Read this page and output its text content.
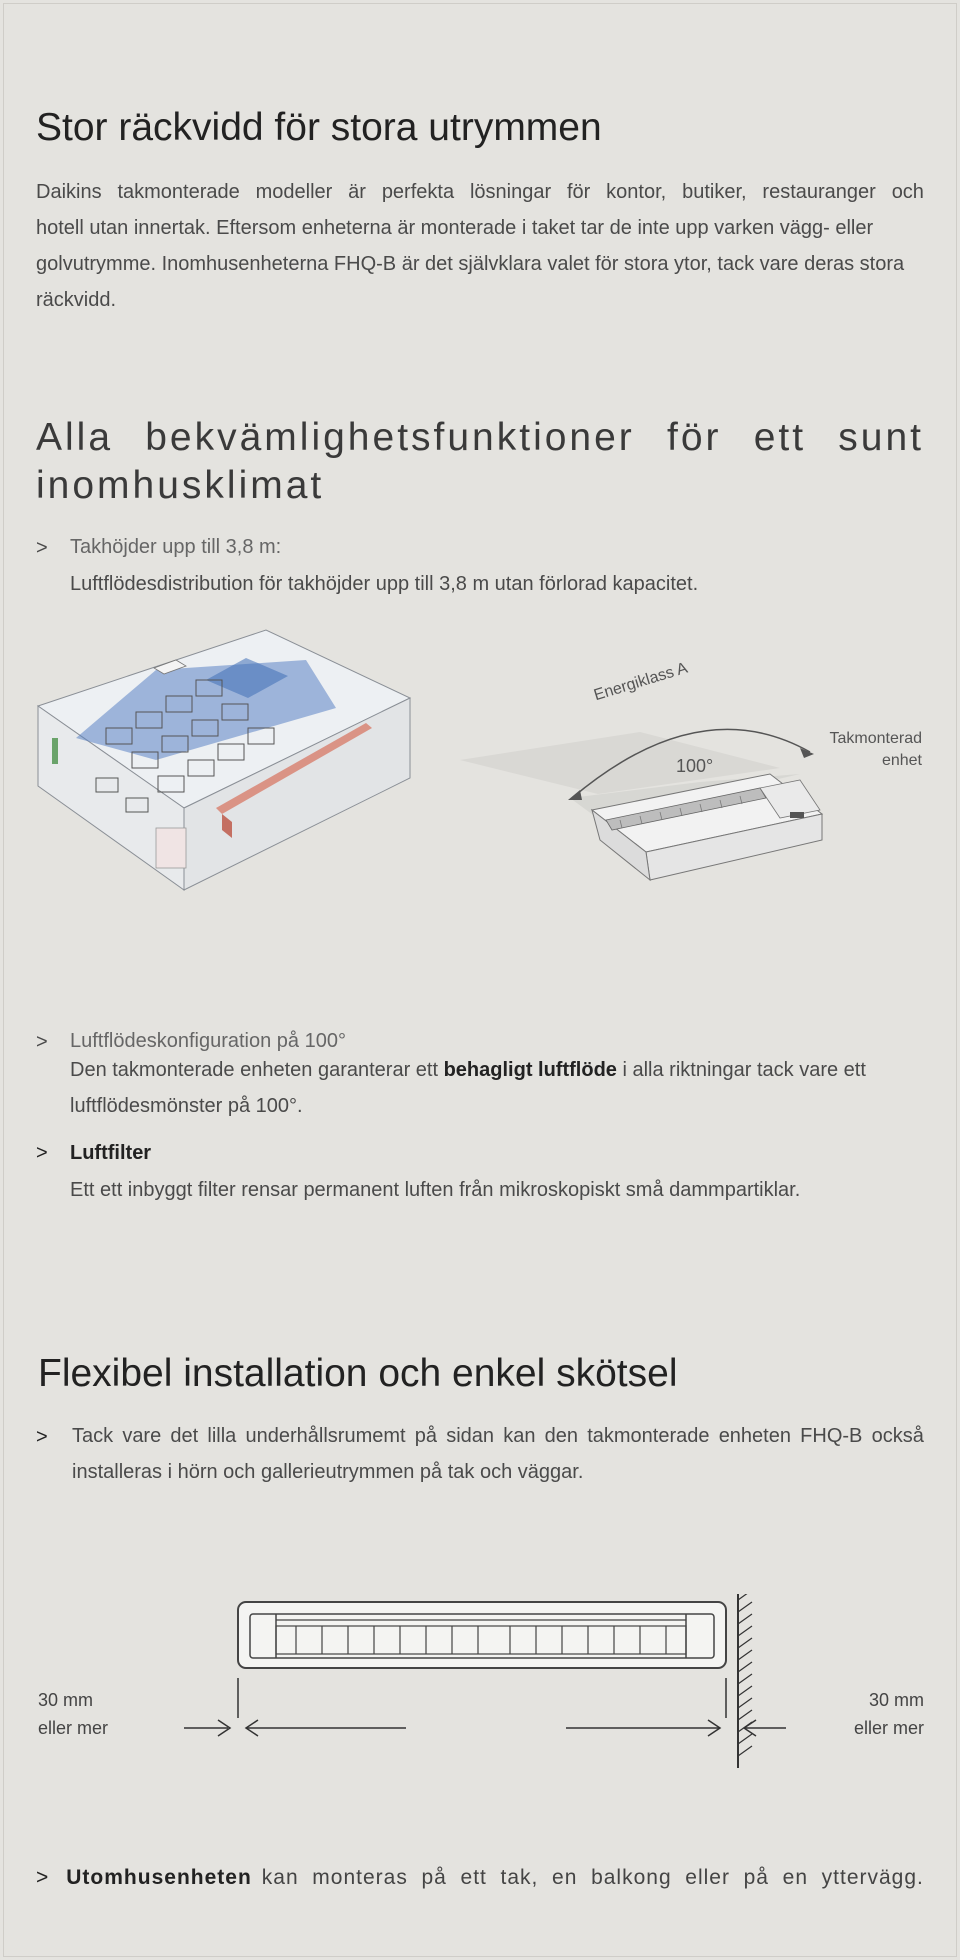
Stor räckvidd för stora utrymmen
Daikins takmonterade modeller är perfekta lösningar för kontor, butiker, restauranger och
hotell utan innertak. Eftersom enheterna är monterade i taket tar de inte upp varken vägg- eller
golvutrymme. Inomhusenheterna FHQ-B är det självklara valet för stora ytor, tack vare deras stora
räckvidd.
Alla bekvämlighetsfunktioner för ett sunt
inomhusklimat
> Takhöjder upp till 3,8 m:
Luftflödesdistribution för takhöjder upp till 3,8 m utan förlorad kapacitet.
Energiklass A
100°
Takmonterad
enhet
> Luftflödeskonfiguration på 100°
Den takmonterade enheten garanterar ett behagligt luftflöde i alla riktningar tack vare ett
luftflödesmönster på 100°.
> Luftfilter
Ett ett inbyggt filter rensar permanent luften från mikroskopiskt små dammpartiklar.
Flexibel installation och enkel skötsel
> Tack vare det lilla underhållsrumemt på sidan kan den takmonterade enheten FHQ-B också
installeras i hörn och gallerieutrymmen på tak och väggar.
30 mm
eller mer
30 mm
eller mer
> Utomhusenheten kan monteras på ett tak, en balkong eller på en yttervägg.
